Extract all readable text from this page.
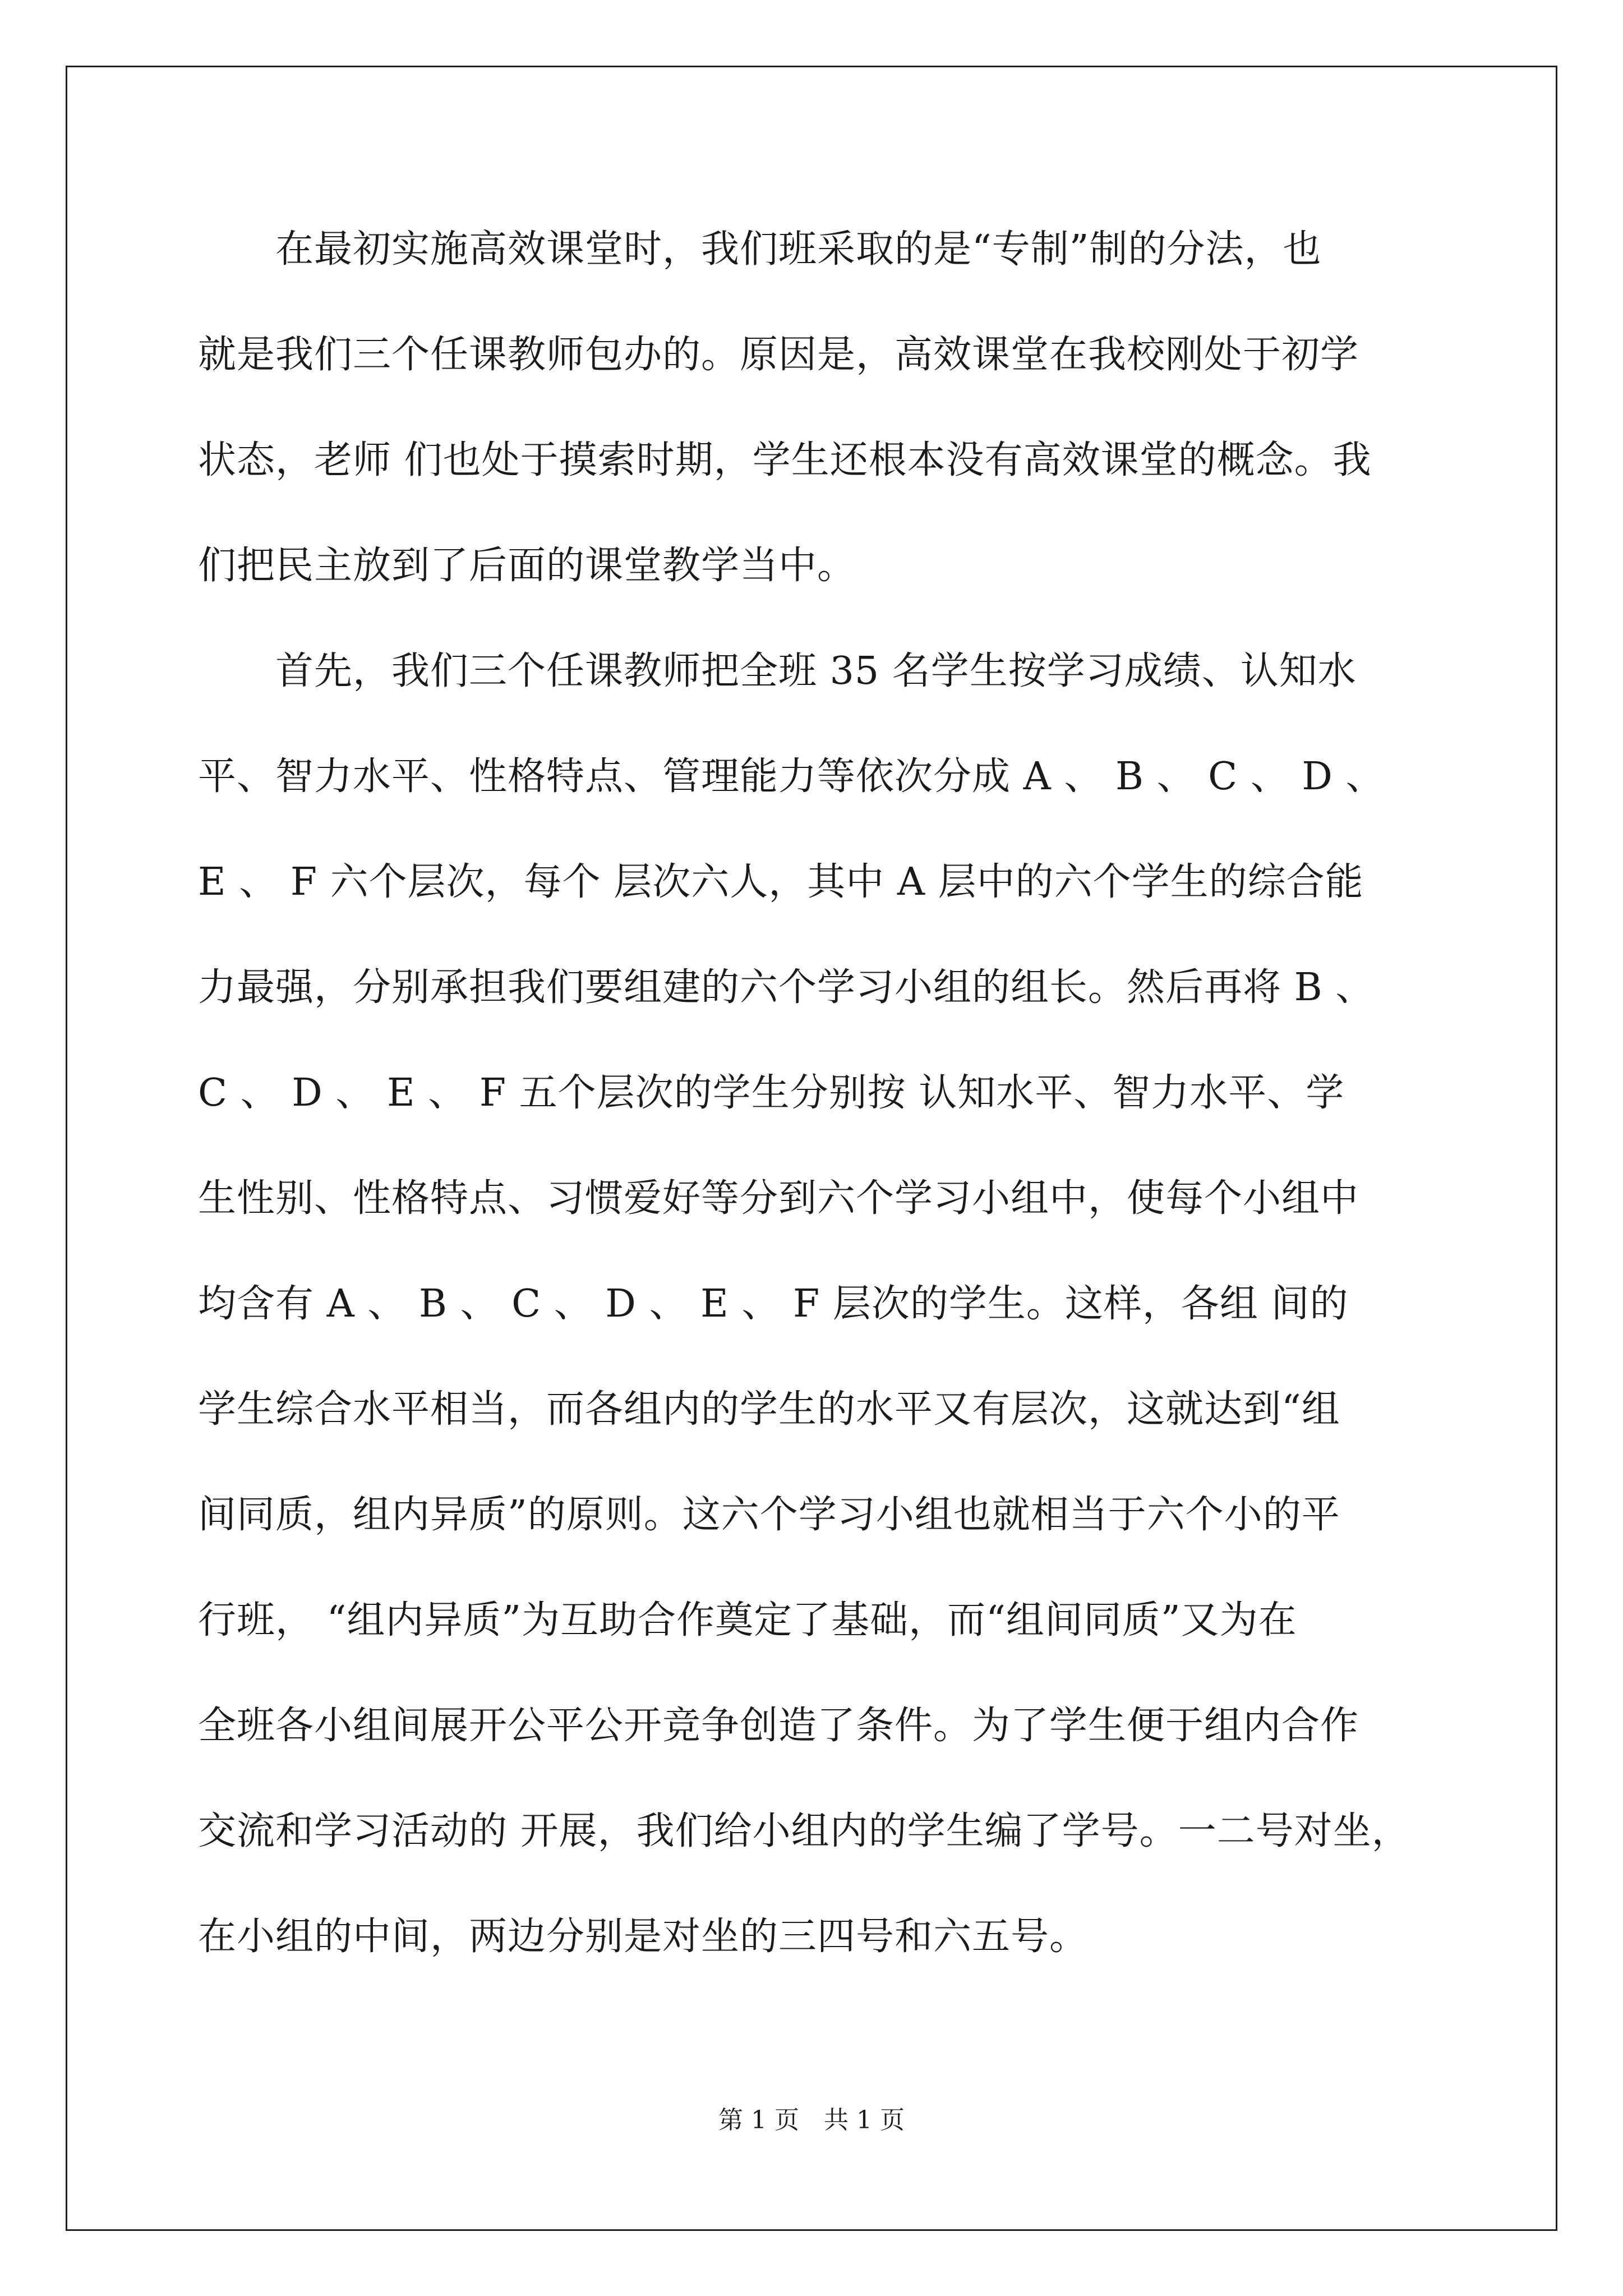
　　在最初实施高效课堂时，我们班采取的是“专制”制的分法，也
就是我们三个任课教师包办的。原因是，高效课堂在我校刚处于初学
状态，老师 们也处于摸索时期，学生还根本没有高效课堂的概念。我
们把民主放到了后面的课堂教学当中。
　　首先，我们三个任课教师把全班 35 名学生按学习成绩、认知水
平、智力水平、性格特点、管理能力等依次分成 A 、 B 、 C 、 D 、
E 、 F 六个层次，每个 层次六人，其中 A 层中的六个学生的综合能
力最强，分别承担我们要组建的六个学习小组的组长。然后再将 B 、
C 、 D 、 E 、 F 五个层次的学生分别按 认知水平、智力水平、学
生性别、性格特点、习惯爱好等分到六个学习小组中，使每个小组中
均含有 A 、 B 、 C 、 D 、 E 、 F 层次的学生。这样，各组 间的
学生综合水平相当，而各组内的学生的水平又有层次，这就达到“组
间同质，组内异质”的原则。这六个学习小组也就相当于六个小的平
行班， “组内异质”为互助合作奠定了基础，而“组间同质”又为在
全班各小组间展开公平公开竞争创造了条件。为了学生便于组内合作
交流和学习活动的 开展，我们给小组内的学生编了学号。一二号对坐，
在小组的中间，两边分别是对坐的三四号和六五号。
第 1 页　共 1 页
